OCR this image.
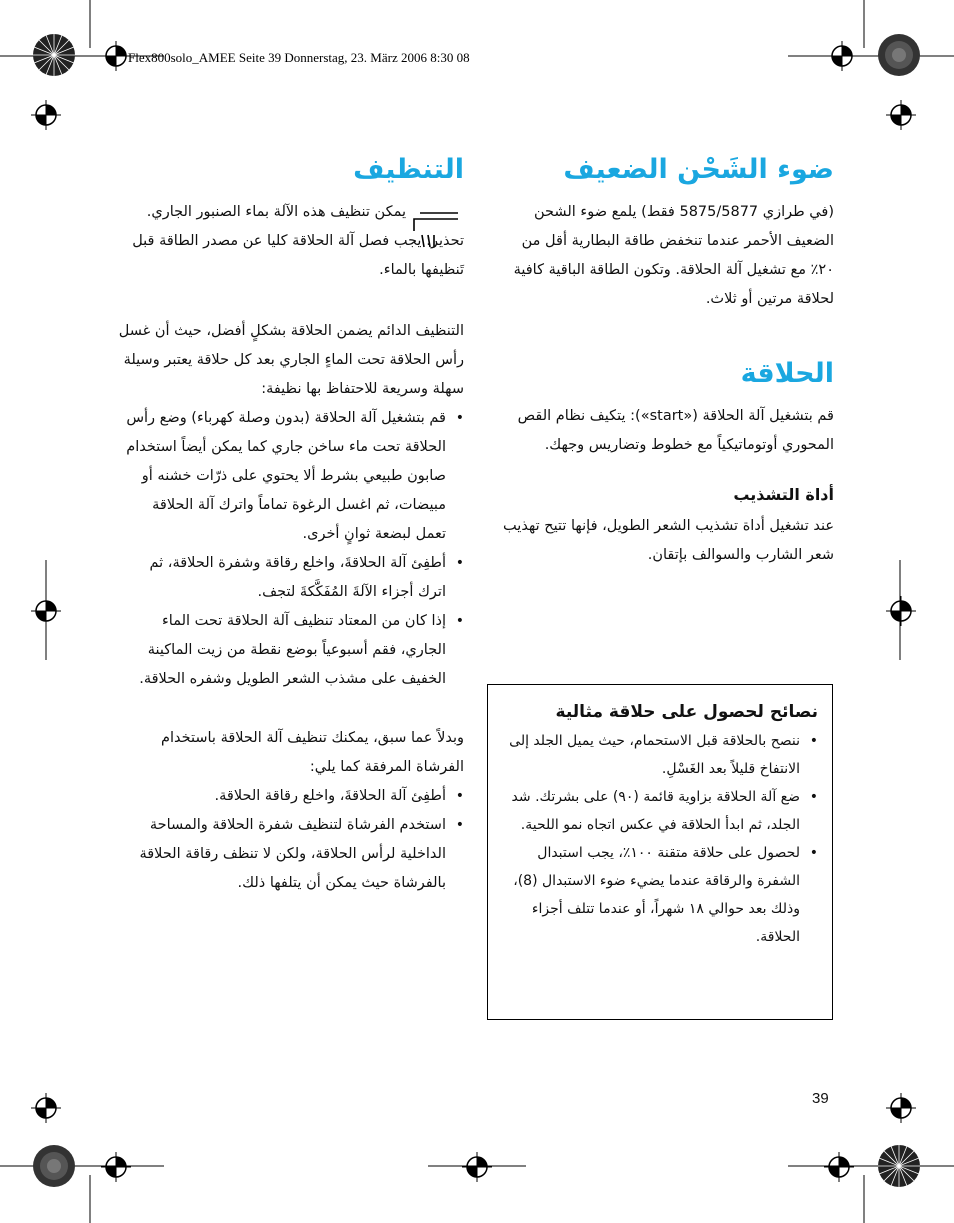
Flex800solo_AMEE Seite 39 Donnerstag, 23. März 2006 8:30 08
ضوء الشَحْن الضعيف

(في طرازي 5875/5877 فقط) يلمع ضوء الشحن الضعيف الأحمر عندما تنخفض طاقة البطارية أقل من ٢٠٪ مع تشغيل آلة الحلاقة. وتكون الطاقة الباقية كافية لحلاقة مرتين أو ثلاث.

الحلاقة

قم بتشغيل آلة الحلاقة («start»): يتكيف نظام القص المحوري أوتوماتيكياً مع خطوط وتضاريس وجهك.

أداة التشذيب

عند تشغيل أداة تشذيب الشعر الطويل، فإنها تتيح تهذيب شعر الشارب والسوالف بإتقان.

نصائح لحصول على حلاقة مثالية
• ننصح بالحلاقة قبل الاستحمام، حيث يميل الجلد إلى الانتفاخ قليلاً بعد الغَسْلِ.
• ضع آلة الحلاقة بزاوية قائمة (٩٠) على بشرتك. شد الجلد، ثم ابدأ الحلاقة في عكس اتجاه نمو اللحية.
• لحصول على حلاقة متقنة ١٠٠٪، يجب استبدال الشفرة والرقاقة عندما يضيء ضوء الاستبدال (8)، وذلك بعد حوالي ١٨ شهراً، أو عندما تتلف أجزاء الحلاقة.
التنظيف

يمكن تنظيف هذه الآلة بماء الصنبور الجاري.

تحذير: يجب فصل آلة الحلاقة كليا عن مصدر الطاقة قبل تَنظيفها بالماء.

التنظيف الدائم يضمن الحلاقة بشكلٍ أفضل، حيث أن غسل رأس الحلاقة تحت الماءٍ الجاري بعد كل حلاقة يعتبر وسيلة سهلة وسريعة للاحتفاظ بها نظيفة:

• قم بتشغيل آلة الحلاقة (بدون وصلة كهرباء) وضع رأس الحلاقة تحت ماء ساخن جاري كما يمكن أيضاً استخدام صابون طبيعي بشرط ألا يحتوي على ذرّات خشنه أو مبيضات، ثم اغسل الرغوة تماماً واترك آلة الحلاقة تعمل لبضعة ثوانٍ أخرى.
• أطفِئ آلة الحلاقةَ، واخلع رقاقة وشفرة الحلاقة، ثم اترك أجزاء الآلةَ المُفَكَّكةَ لتجف.
• إذا كان من المعتاد تنظيف آلة الحلاقة تحت الماء الجاري، فقم أسبوعياً بوضع نقطة من زيت الماكينة الخفيف على مشذب الشعر الطويل وشفره الحلاقة.

وبدلاً عما سبق، يمكنك تنظيف آلة الحلاقة باستخدام الفرشاة المرفقة كما يلي:

• أطفِئ آلة الحلاقةَ، واخلع رقاقة الحلاقة.
• استخدم الفرشاة لتنظيف شفرة الحلاقة والمساحة الداخلية لرأس الحلاقة، ولكن لا تنظف رقاقة الحلاقة بالفرشاة حيث يمكن أن يتلفها ذلك.
39
